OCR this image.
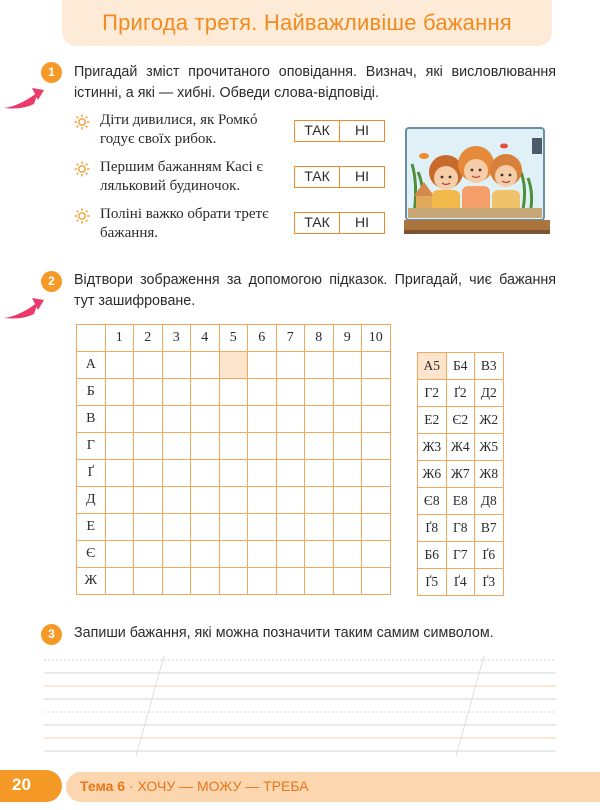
Пригода третя. Найважливіше бажання
1	Пригадай зміст прочитаного оповідання. Визнач, які висловлювання істинні, а які — хибні. Обведи слова-відповіді.
Діти дивилися, як Ромкó годує своїх рибок.
ТАК	НІ
Першим бажанням Касі є ляльковий будиночок.
ТАК	НІ
Поліні важко обрати третє бажання.
ТАК	НІ
2	Відтвори зображення за допомогою підказок. Пригадай, чиє бажання тут зашифроване.
	1	2	3	4	5	6	7	8	9	10
А										
Б										
В										
Г										
Ґ										
Д										
Е										
Є										
Ж										
А5	Б4	В3
Г2	Ґ2	Д2
Е2	Є2	Ж2
Ж3	Ж4	Ж5
Ж6	Ж7	Ж8
Є8	Е8	Д8
Ґ8	Г8	В7
Б6	Г7	Ґ6
Ґ5	Ґ4	Ґ3
3	Запиши бажання, які можна позначити таким самим символом.
20	Тема 6 · ХОЧУ — МОЖУ — ТРЕБА
